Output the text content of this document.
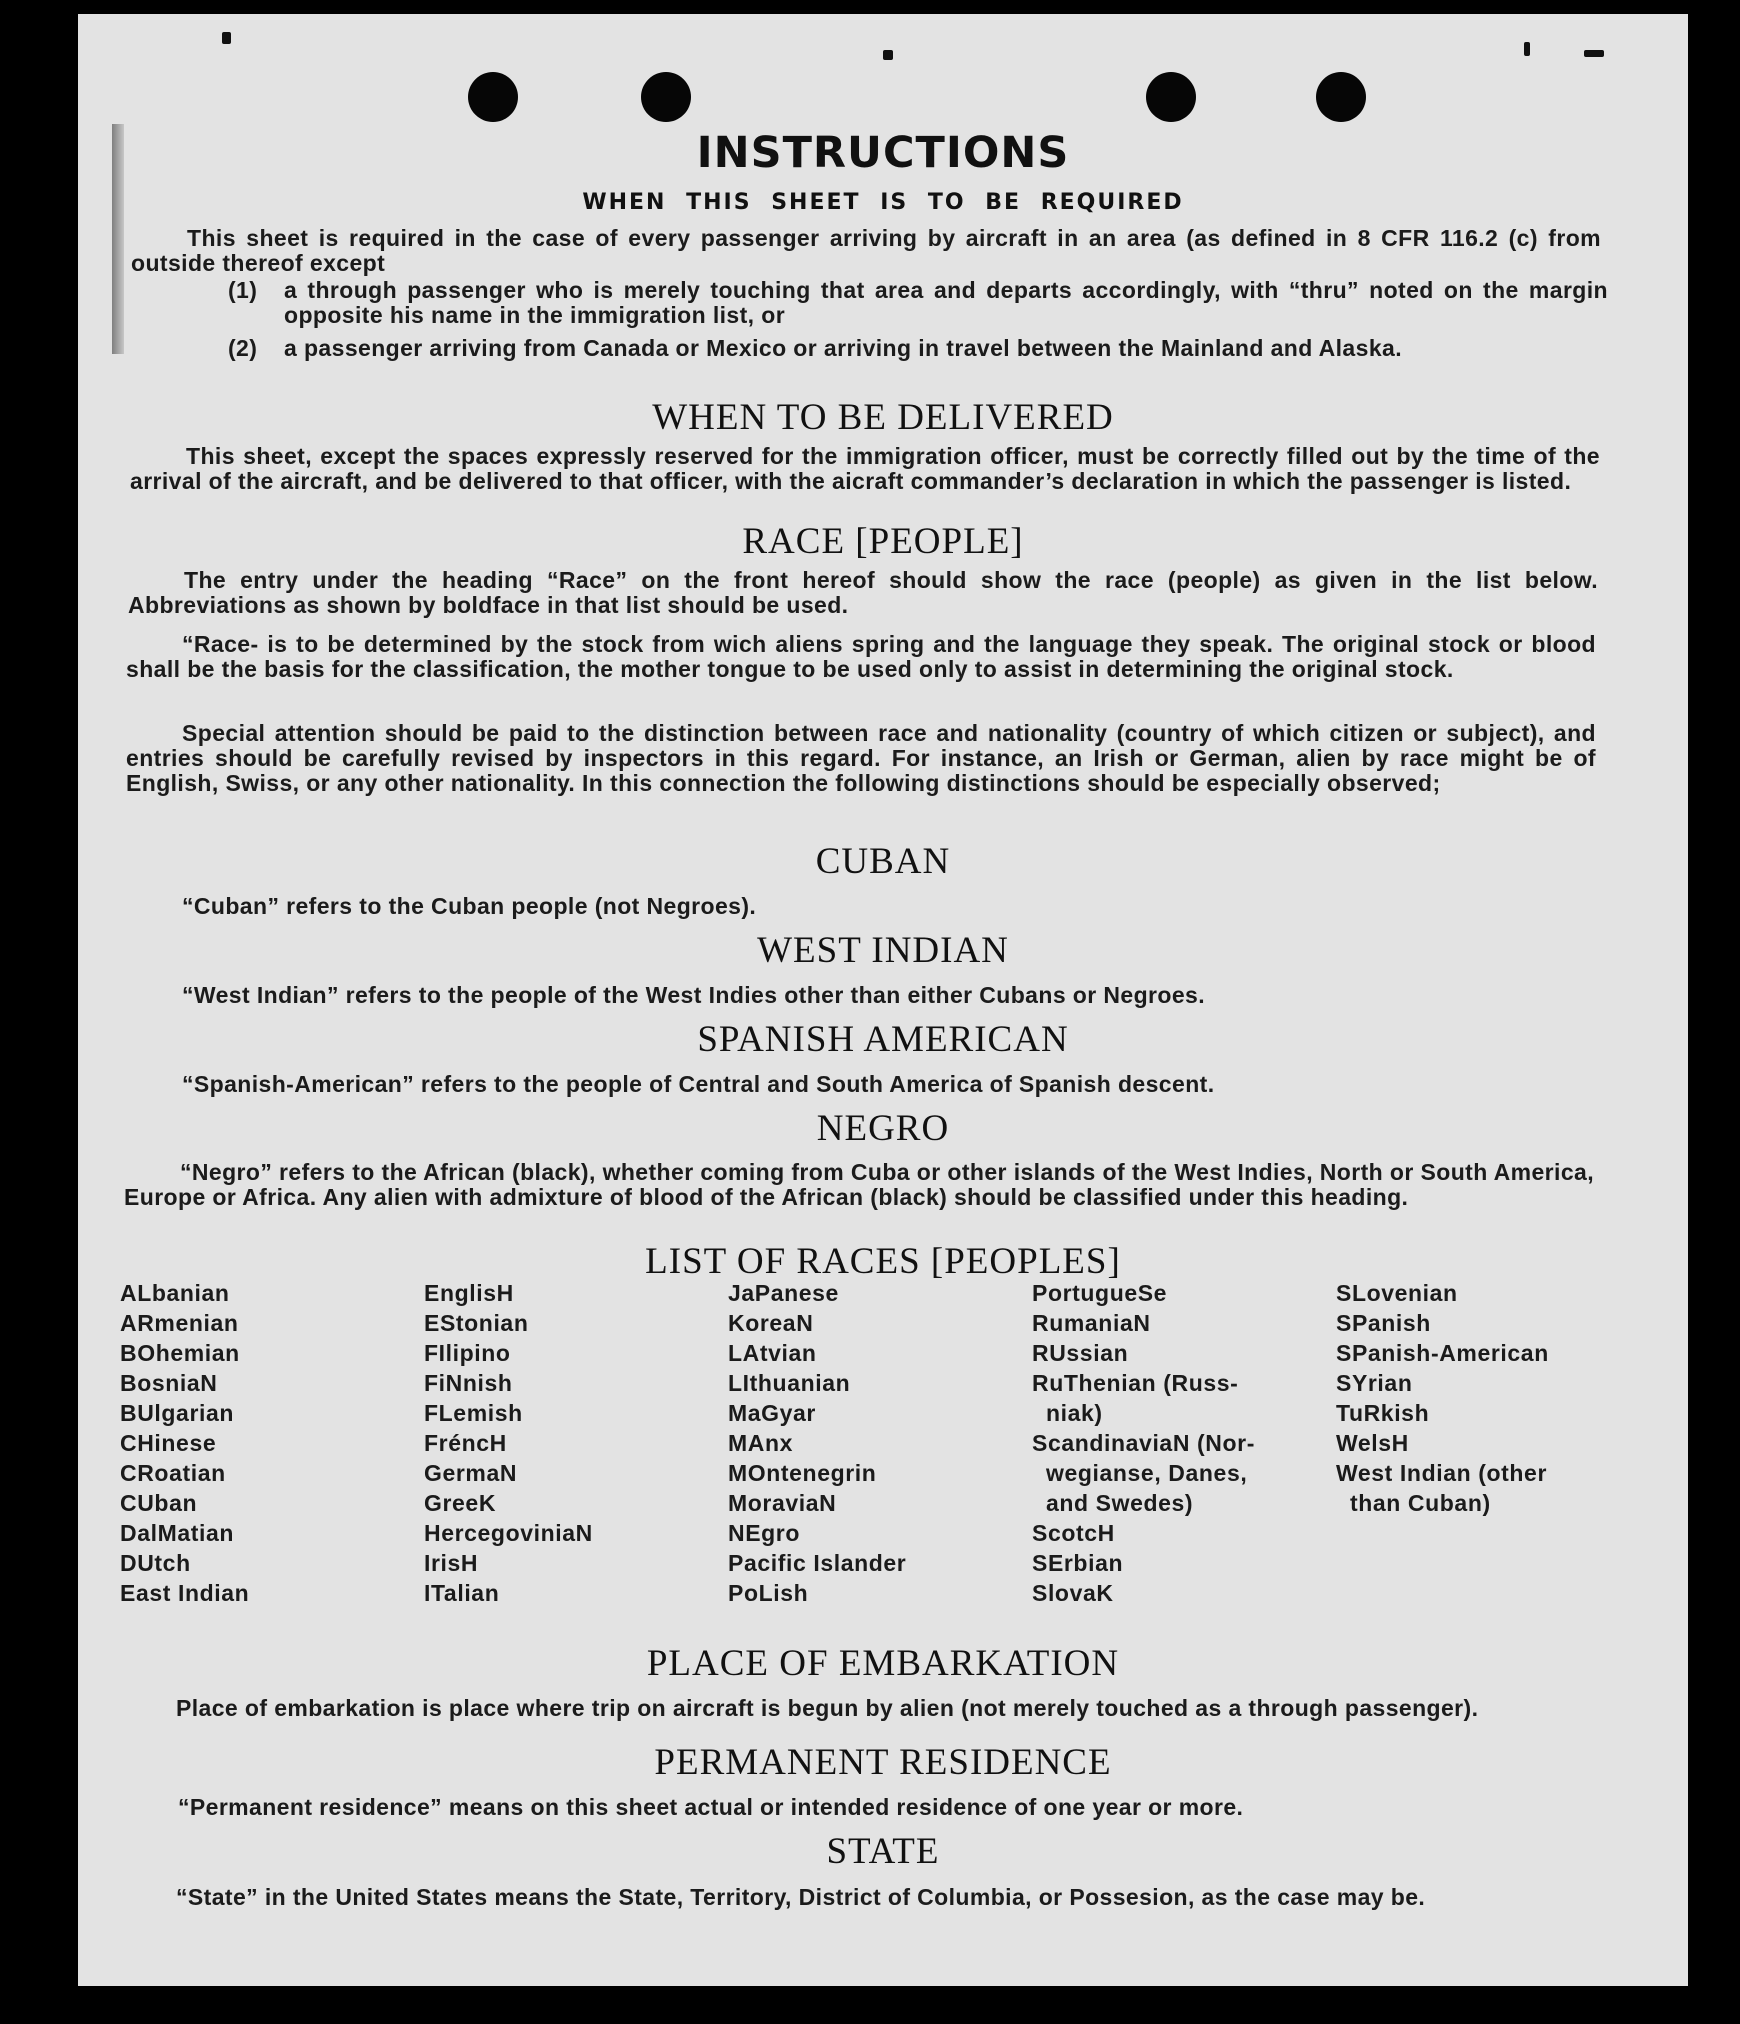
INSTRUCTIONS
WHEN THIS SHEET IS TO BE REQUIRED
This sheet is required in the case of every passenger arriving by aircraft in an area (as defined in 8 CFR 116.2 (c) from outside thereof except
(1) a through passenger who is merely touching that area and departs accordingly, with “thru” noted on the margin opposite his name in the immigration list, or
(2) a passenger arriving from Canada or Mexico or arriving in travel between the Mainland and Alaska.
WHEN TO BE DELIVERED
This sheet, except the spaces expressly reserved for the immigration officer, must be correctly filled out by the time of the arrival of the aircraft, and be delivered to that officer, with the aicraft commander’s declaration in which the passenger is listed.
RACE [PEOPLE]
The entry under the heading “Race” on the front hereof should show the race (people) as given in the list below. Abbreviations as shown by boldface in that list should be used.
“Race- is to be determined by the stock from wich aliens spring and the language they speak. The original stock or blood shall be the basis for the classification, the mother tongue to be used only to assist in determining the original stock.
Special attention should be paid to the distinction between race and nationality (country of which citizen or subject), and entries should be carefully revised by inspectors in this regard. For instance, an Irish or German, alien by race might be of English, Swiss, or any other nationality. In this connection the following distinctions should be especially observed;
CUBAN
“Cuban” refers to the Cuban people (not Negroes).
WEST INDIAN
“West Indian” refers to the people of the West Indies other than either Cubans or Negroes.
SPANISH AMERICAN
“Spanish-American” refers to the people of Central and South America of Spanish descent.
NEGRO
“Negro” refers to the African (black), whether coming from Cuba or other islands of the West Indies, North or South America, Europe or Africa. Any alien with admixture of blood of the African (black) should be classified under this heading.
LIST OF RACES [PEOPLES]
ALbanian
ARmenian
BOhemian
BosniaN
BUlgarian
CHinese
CRoatian
CUban
DalMatian
DUtch
East Indian
EnglisH
EStonian
FIlipino
FiNnish
FLemish
FréncH
GermaN
GreeK
HercegoviniaN
IrisH
ITalian
JaPanese
KoreaN
LAtvian
LIthuanian
MaGyar
MAnx
MOntenegrin
MoraviaN
NEgro
Pacific Islander
PoLish
PortugueSe
RumaniaN
RUssian
RuThenian (Russ-
niak)
ScandinaviaN (Nor-
wegianse, Danes,
and Swedes)
ScotcH
SErbian
SlovaK
SLovenian
SPanish
SPanish-American
SYrian
TuRkish
WelsH
West Indian (other
than Cuban)
PLACE OF EMBARKATION
Place of embarkation is place where trip on aircraft is begun by alien (not merely touched as a through passenger).
PERMANENT RESIDENCE
“Permanent residence” means on this sheet actual or intended residence of one year or more.
STATE
“State” in the United States means the State, Territory, District of Columbia, or Possesion, as the case may be.
